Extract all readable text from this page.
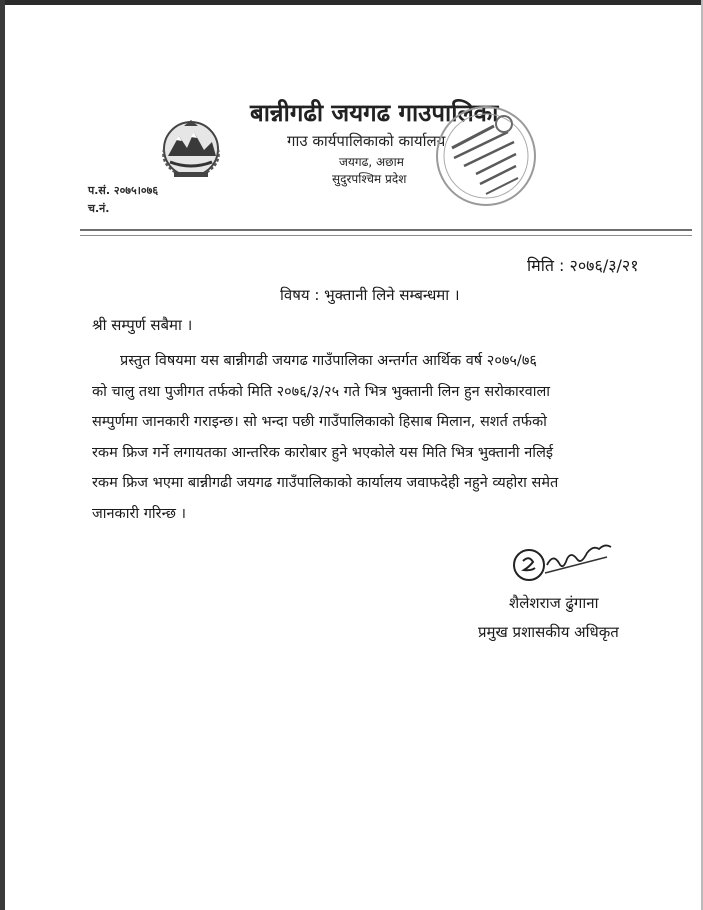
बान्नीगढी जयगढ गाउपालिका
गाउ कार्यपालिकाको कार्यालय
जयगढ, अछाम
सुदुरपश्चिम प्रदेश
प.सं. २०७५।०७६
च.नं.
मिति : २०७६/३/२१
विषय : भुक्तानी लिने सम्बन्धमा ।
श्री सम्पुर्ण सबैमा ।
प्रस्तुत विषयमा यस बान्नीगढी जयगढ गाउँपालिका अन्तर्गत आर्थिक वर्ष २०७५/७६
को चालु तथा पुजीगत तर्फको मिति २०७६/३/२५ गते भित्र भुक्तानी लिन हुन सरोकारवाला
सम्पुर्णमा जानकारी गराइन्छ। सो भन्दा पछी गाउँपालिकाको हिसाब मिलान, सशर्त तर्फको
रकम फ्रिज गर्ने लगायतका आन्तरिक कारोबार हुने भएकोले यस मिति भित्र भुक्तानी नलिई
रकम फ्रिज भएमा बान्नीगढी जयगढ गाउँपालिकाको कार्यालय जवाफदेही नहुने व्यहोरा समेत
जानकारी गरिन्छ ।
शैलेशराज ढुंगाना
प्रमुख प्रशासकीय अधिकृत
